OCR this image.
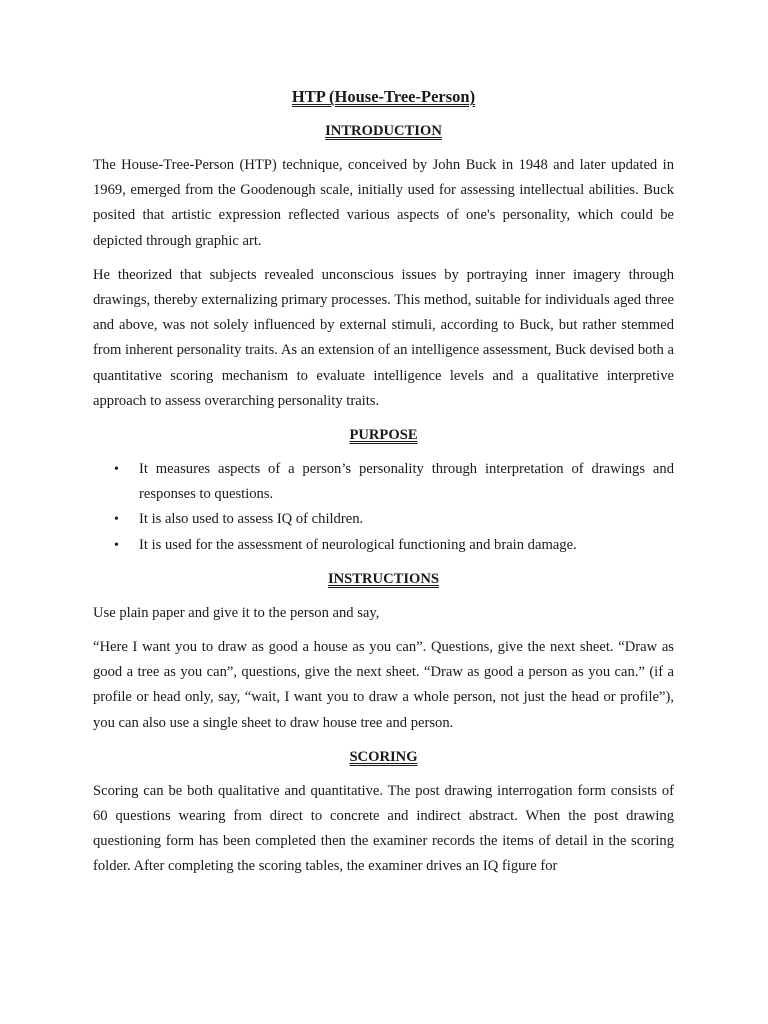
HTP (House-Tree-Person)
INTRODUCTION

The House-Tree-Person (HTP) technique, conceived by John Buck in 1948 and later updated in 1969, emerged from the Goodenough scale, initially used for assessing intellectual abilities. Buck posited that artistic expression reflected various aspects of one's personality, which could be depicted through graphic art.

He theorized that subjects revealed unconscious issues by portraying inner imagery through drawings, thereby externalizing primary processes. This method, suitable for individuals aged three and above, was not solely influenced by external stimuli, according to Buck, but rather stemmed from inherent personality traits. As an extension of an intelligence assessment, Buck devised both a quantitative scoring mechanism to evaluate intelligence levels and a qualitative interpretive approach to assess overarching personality traits.

PURPOSE
• It measures aspects of a person’s personality through interpretation of drawings and responses to questions.
• It is also used to assess IQ of children.
• It is used for the assessment of neurological functioning and brain damage.
INSTRUCTIONS

Use plain paper and give it to the person and say,

“Here I want you to draw as good a house as you can”. Questions, give the next sheet. “Draw as good a tree as you can”, questions, give the next sheet. “Draw as good a person as you can.” (if a profile or head only, say, “wait, I want you to draw a whole person, not just the head or profile”), you can also use a single sheet to draw house tree and person.

SCORING

Scoring can be both qualitative and quantitative. The post drawing interrogation form consists of 60 questions wearing from direct to concrete and indirect abstract. When the post drawing questioning form has been completed then the examiner records the items of detail in the scoring folder. After completing the scoring tables, the examiner drives an IQ figure for
